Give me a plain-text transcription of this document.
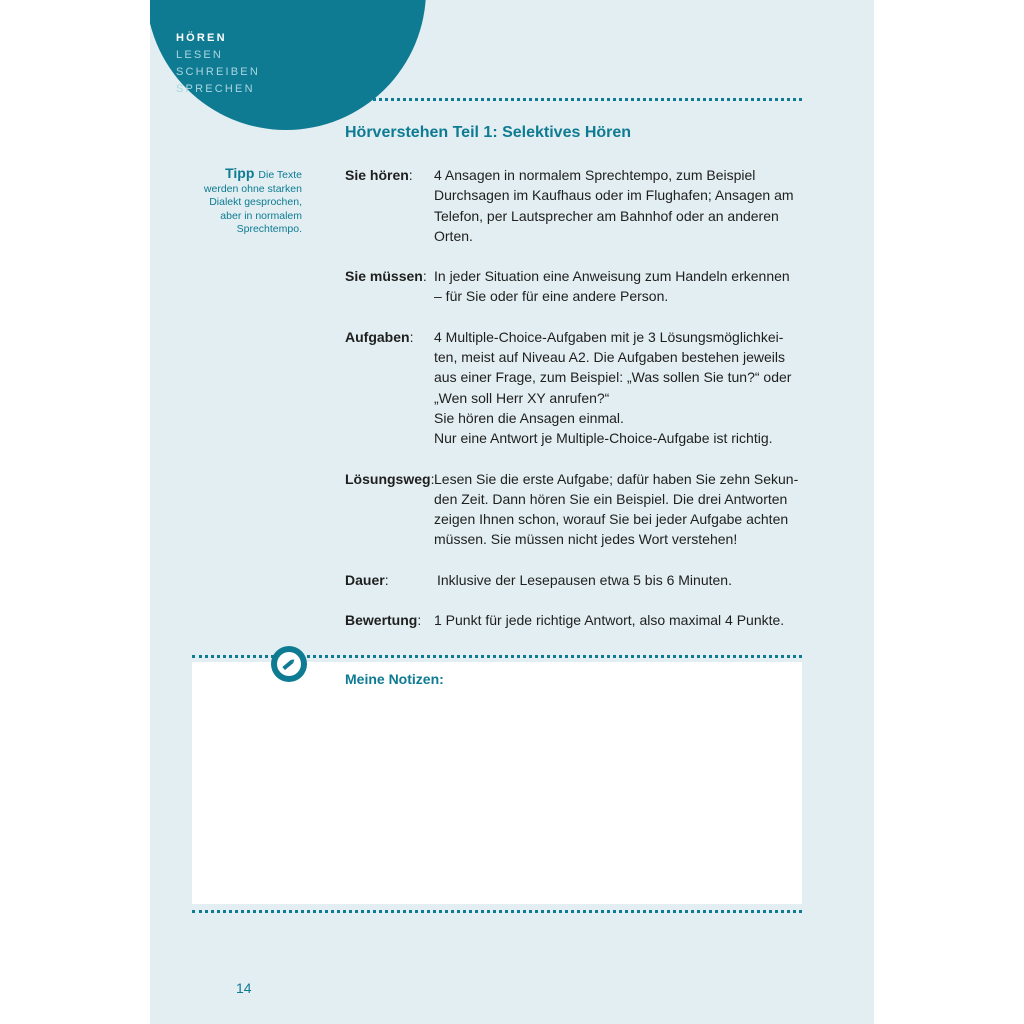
HÖREN
LESEN
SCHREIBEN
SPRECHEN
Hörverstehen Teil 1: Selektives Hören
Tipp Die Texte
werden ohne starken
Dialekt gesprochen,
aber in normalem
Sprechtempo.
Sie hören: 4 Ansagen in normalem Sprechtempo, zum Beispiel
Durchsagen im Kaufhaus oder im Flughafen; Ansagen am
Telefon, per Lautsprecher am Bahnhof oder an anderen
Orten.
Sie müssen: In jeder Situation eine Anweisung zum Handeln erkennen
– für Sie oder für eine andere Person.
Aufgaben: 4 Multiple-Choice-Aufgaben mit je 3 Lösungsmöglichkei-
ten, meist auf Niveau A2. Die Aufgaben bestehen jeweils
aus einer Frage, zum Beispiel: „Was sollen Sie tun?“ oder
„Wen soll Herr XY anrufen?“
Sie hören die Ansagen einmal.
Nur eine Antwort je Multiple-Choice-Aufgabe ist richtig.
Lösungsweg: Lesen Sie die erste Aufgabe; dafür haben Sie zehn Sekun-
den Zeit. Dann hören Sie ein Beispiel. Die drei Antworten
zeigen Ihnen schon, worauf Sie bei jeder Aufgabe achten
müssen. Sie müssen nicht jedes Wort verstehen!
Dauer:	Inklusive der Lesepausen etwa 5 bis 6 Minuten.
Bewertung: 1 Punkt für jede richtige Antwort, also maximal 4 Punkte.
Meine Notizen:
14
